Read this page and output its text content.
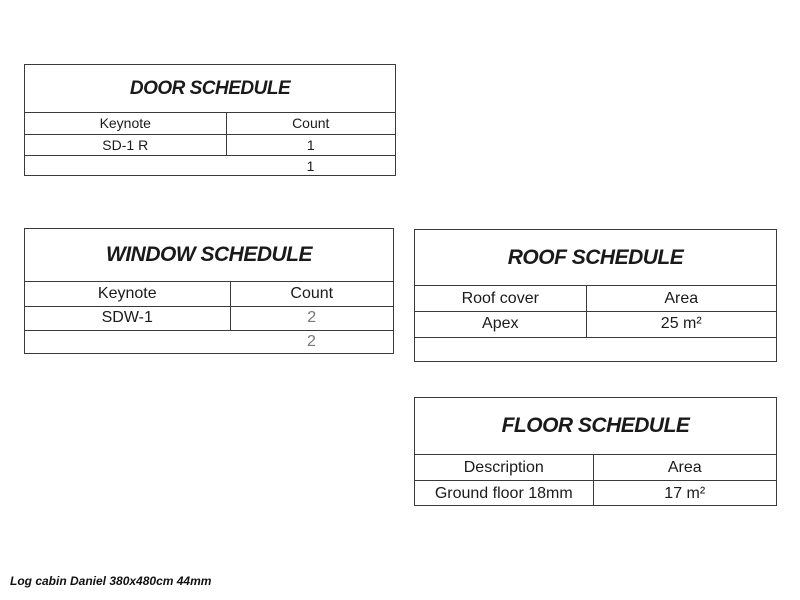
DOOR SCHEDULE
Keynote	Count
SD-1 R	1
	1
WINDOW SCHEDULE
Keynote	Count
SDW-1	2
	2
ROOF SCHEDULE
Roof cover	Area
Apex	25 m²

FLOOR SCHEDULE
Description	Area
Ground floor 18mm	17 m²
Log cabin Daniel 380x480cm 44mm
